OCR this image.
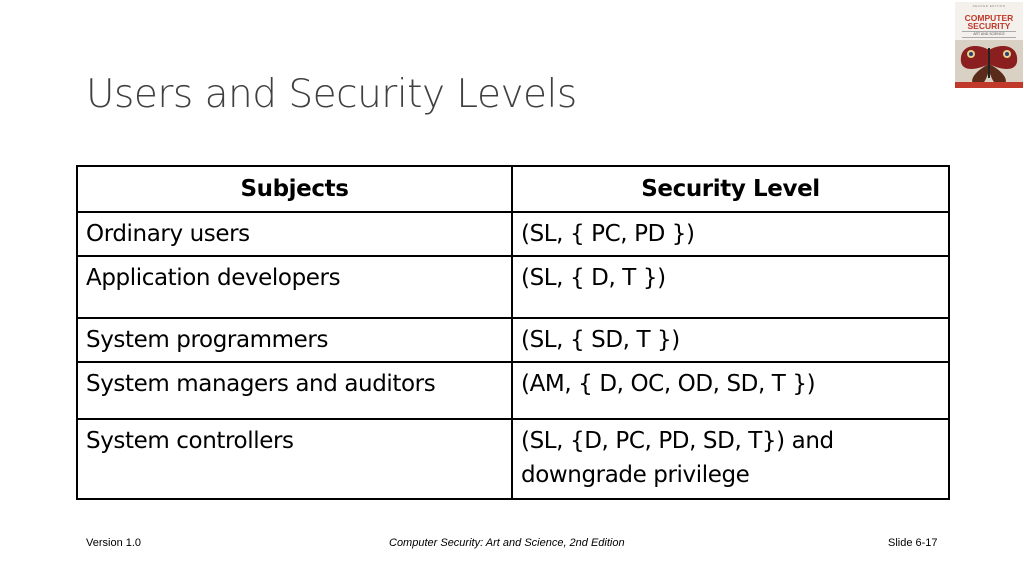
Users and Security Levels
SECOND EDITION
COMPUTER
SECURITY
ART AND SCIENCE
Subjects	Security Level
Ordinary users	(SL, { PC, PD })
Application developers	(SL, { D, T })
System programmers	(SL, { SD, T })
System managers and auditors	(AM, { D, OC, OD, SD, T })
System controllers	(SL, {D, PC, PD, SD, T}) and downgrade privilege
Version 1.0	Computer Security: Art and Science, 2nd Edition	Slide 6-17
